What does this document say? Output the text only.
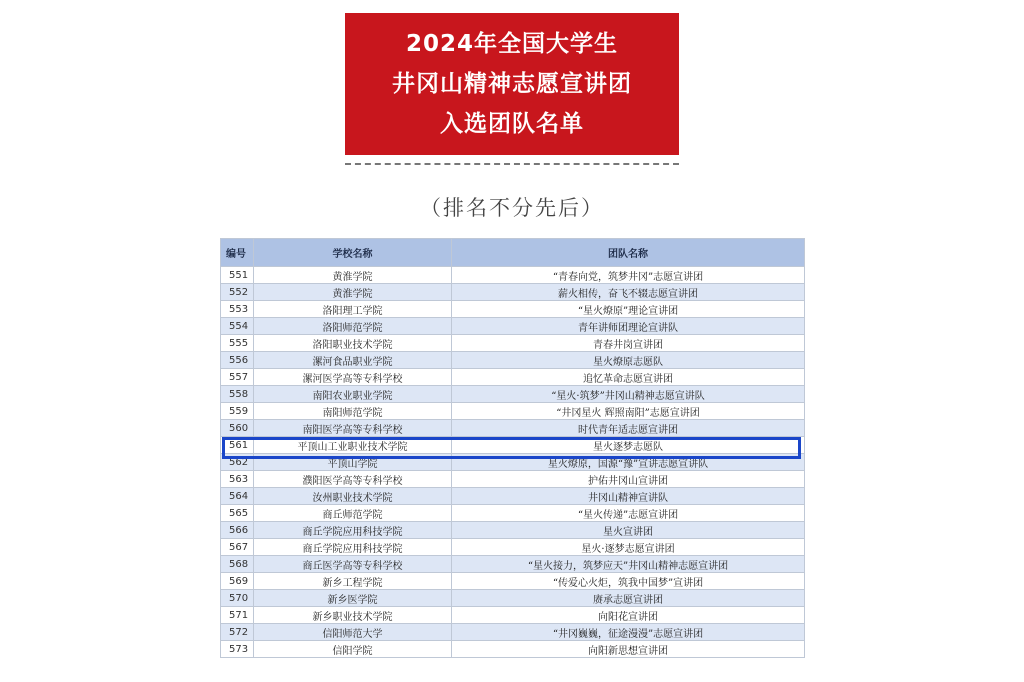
2024年全国大学生
井冈山精神志愿宣讲团
入选团队名单
（排名不分先后）
编号	学校名称	团队名称
551	黄淮学院	“青春向党，筑梦井冈”志愿宣讲团
552	黄淮学院	薪火相传，奋飞不辍志愿宣讲团
553	洛阳理工学院	“星火燎原”理论宣讲团
554	洛阳师范学院	青年讲师团理论宣讲队
555	洛阳职业技术学院	青春井岗宣讲团
556	漯河食品职业学院	星火燎原志愿队
557	漯河医学高等专科学校	追忆革命志愿宣讲团
558	南阳农业职业学院	“星火·筑梦”井冈山精神志愿宣讲队
559	南阳师范学院	“井冈星火 辉照南阳”志愿宣讲团
560	南阳医学高等专科学校	时代青年适志愿宣讲团
561	平顶山工业职业技术学院	星火逐梦志愿队
562	平顶山学院	星火燎原，国源“豫”宣讲志愿宣讲队
563	濮阳医学高等专科学校	护佑井冈山宣讲团
564	汝州职业技术学院	井冈山精神宣讲队
565	商丘师范学院	“星火传递”志愿宣讲团
566	商丘学院应用科技学院	星火宣讲团
567	商丘学院应用科技学院	星火·逐梦志愿宣讲团
568	商丘医学高等专科学校	“星火接力，筑梦应天”井冈山精神志愿宣讲团
569	新乡工程学院	“传爱心火炬，筑我中国梦”宣讲团
570	新乡医学院	赓承志愿宣讲团
571	新乡职业技术学院	向阳花宣讲团
572	信阳师范大学	“井冈巍巍，征途漫漫”志愿宣讲团
573	信阳学院	向阳新思想宣讲团
